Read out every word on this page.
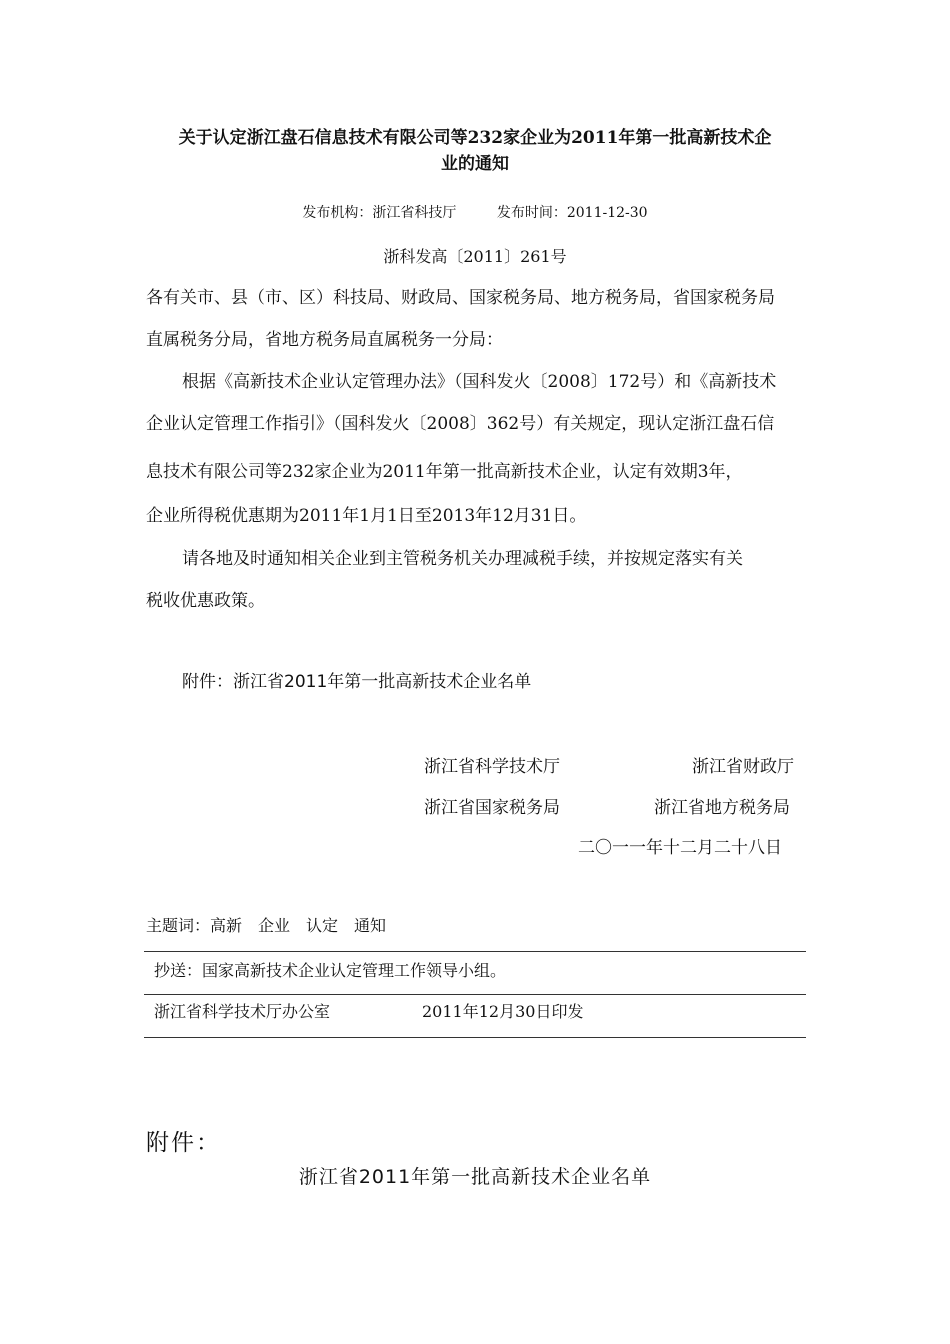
关于认定浙江盘石信息技术有限公司等232家企业为2011年第一批高新技术企
业的通知
发布机构：浙江省科技厅	发布时间：2011-12-30
浙科发高〔2011〕261号
各有关市、县（市、区）科技局、财政局、国家税务局、地方税务局，省国家税务局
直属税务分局，省地方税务局直属税务一分局：
根据《高新技术企业认定管理办法》（国科发火〔2008〕172号）和《高新技术
企业认定管理工作指引》（国科发火〔2008〕362号）有关规定，现认定浙江盘石信
息技术有限公司等232家企业为2011年第一批高新技术企业，认定有效期3年，
企业所得税优惠期为2011年1月1日至2013年12月31日。
请各地及时通知相关企业到主管税务机关办理减税手续，并按规定落实有关
税收优惠政策。
附件：浙江省2011年第一批高新技术企业名单
浙江省科学技术厅	浙江省财政厅
浙江省国家税务局	浙江省地方税务局
二〇一一年十二月二十八日
主题词：高新　企业　认定　通知
抄送：国家高新技术企业认定管理工作领导小组。
浙江省科学技术厅办公室	2011年12月30日印发
附件：
浙江省2011年第一批高新技术企业名单
